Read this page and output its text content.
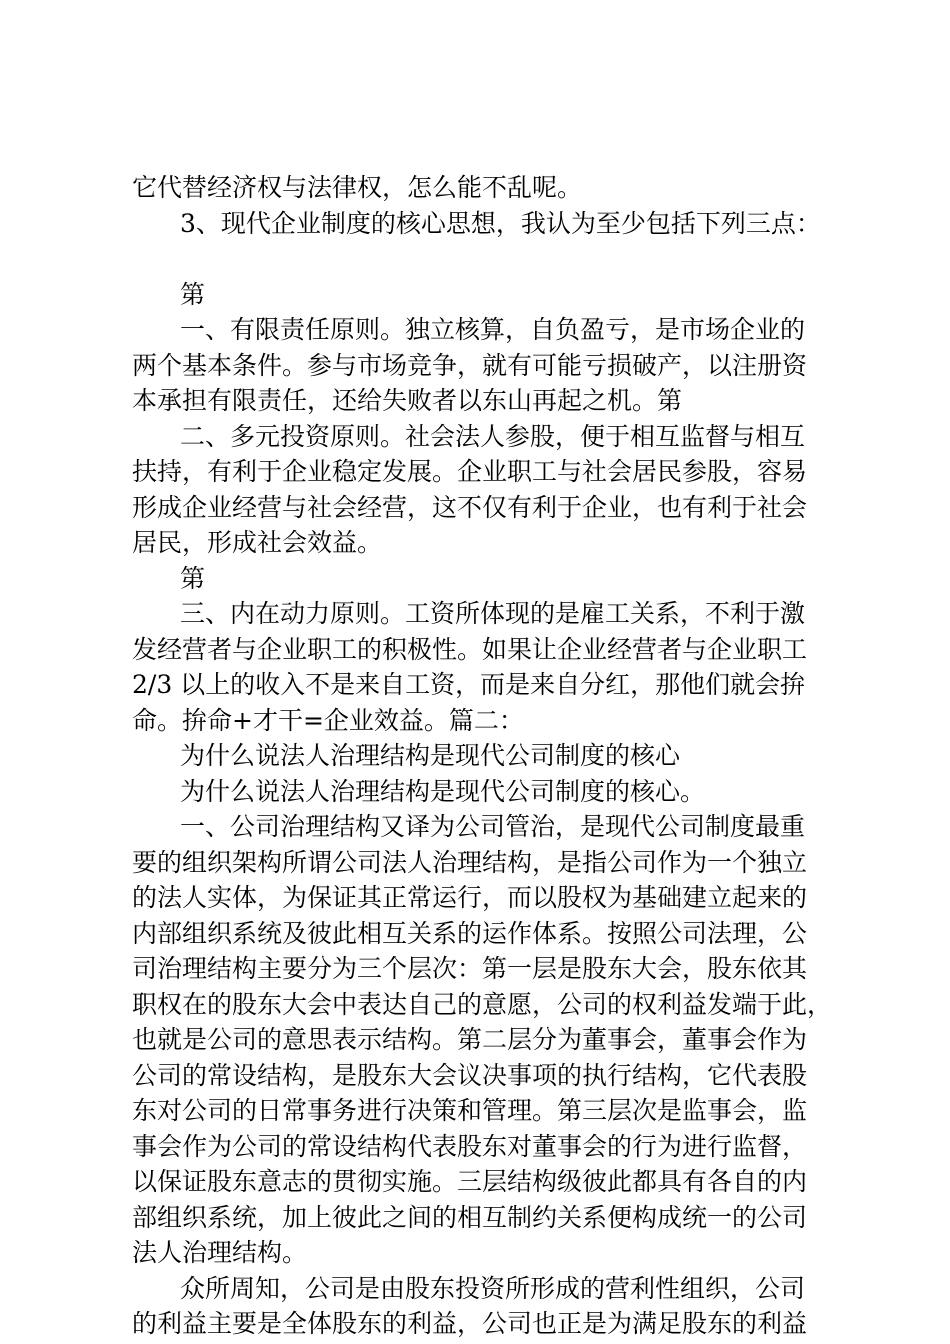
它代替经济权与法律权，怎么能不乱呢。
3、现代企业制度的核心思想，我认为至少包括下列三点：
第
一、有限责任原则。独立核算，自负盈亏，是市场企业的
两个基本条件。参与市场竞争，就有可能亏损破产，以注册资
本承担有限责任，还给失败者以东山再起之机。第
二、多元投资原则。社会法人参股，便于相互监督与相互
扶持，有利于企业稳定发展。企业职工与社会居民参股，容易
形成企业经营与社会经营，这不仅有利于企业，也有利于社会
居民，形成社会效益。
第
三、内在动力原则。工资所体现的是雇工关系，不利于激
发经营者与企业职工的积极性。如果让企业经营者与企业职工
2/3 以上的收入不是来自工资，而是来自分红，那他们就会拚
命。拚命+才干=企业效益。篇二：
为什么说法人治理结构是现代公司制度的核心
为什么说法人治理结构是现代公司制度的核心。
一、公司治理结构又译为公司管治，是现代公司制度最重
要的组织架构所谓公司法人治理结构，是指公司作为一个独立
的法人实体，为保证其正常运行，而以股权为基础建立起来的
内部组织系统及彼此相互关系的运作体系。按照公司法理，公
司治理结构主要分为三个层次：第一层是股东大会，股东依其
职权在的股东大会中表达自己的意愿，公司的权利益发端于此，
也就是公司的意思表示结构。第二层分为董事会，董事会作为
公司的常设结构，是股东大会议决事项的执行结构，它代表股
东对公司的日常事务进行决策和管理。第三层次是监事会，监
事会作为公司的常设结构代表股东对董事会的行为进行监督，
以保证股东意志的贯彻实施。三层结构级彼此都具有各自的内
部组织系统，加上彼此之间的相互制约关系便构成统一的公司
法人治理结构。
众所周知，公司是由股东投资所形成的营利性组织，公司
的利益主要是全体股东的利益，公司也正是为满足股东的利益
